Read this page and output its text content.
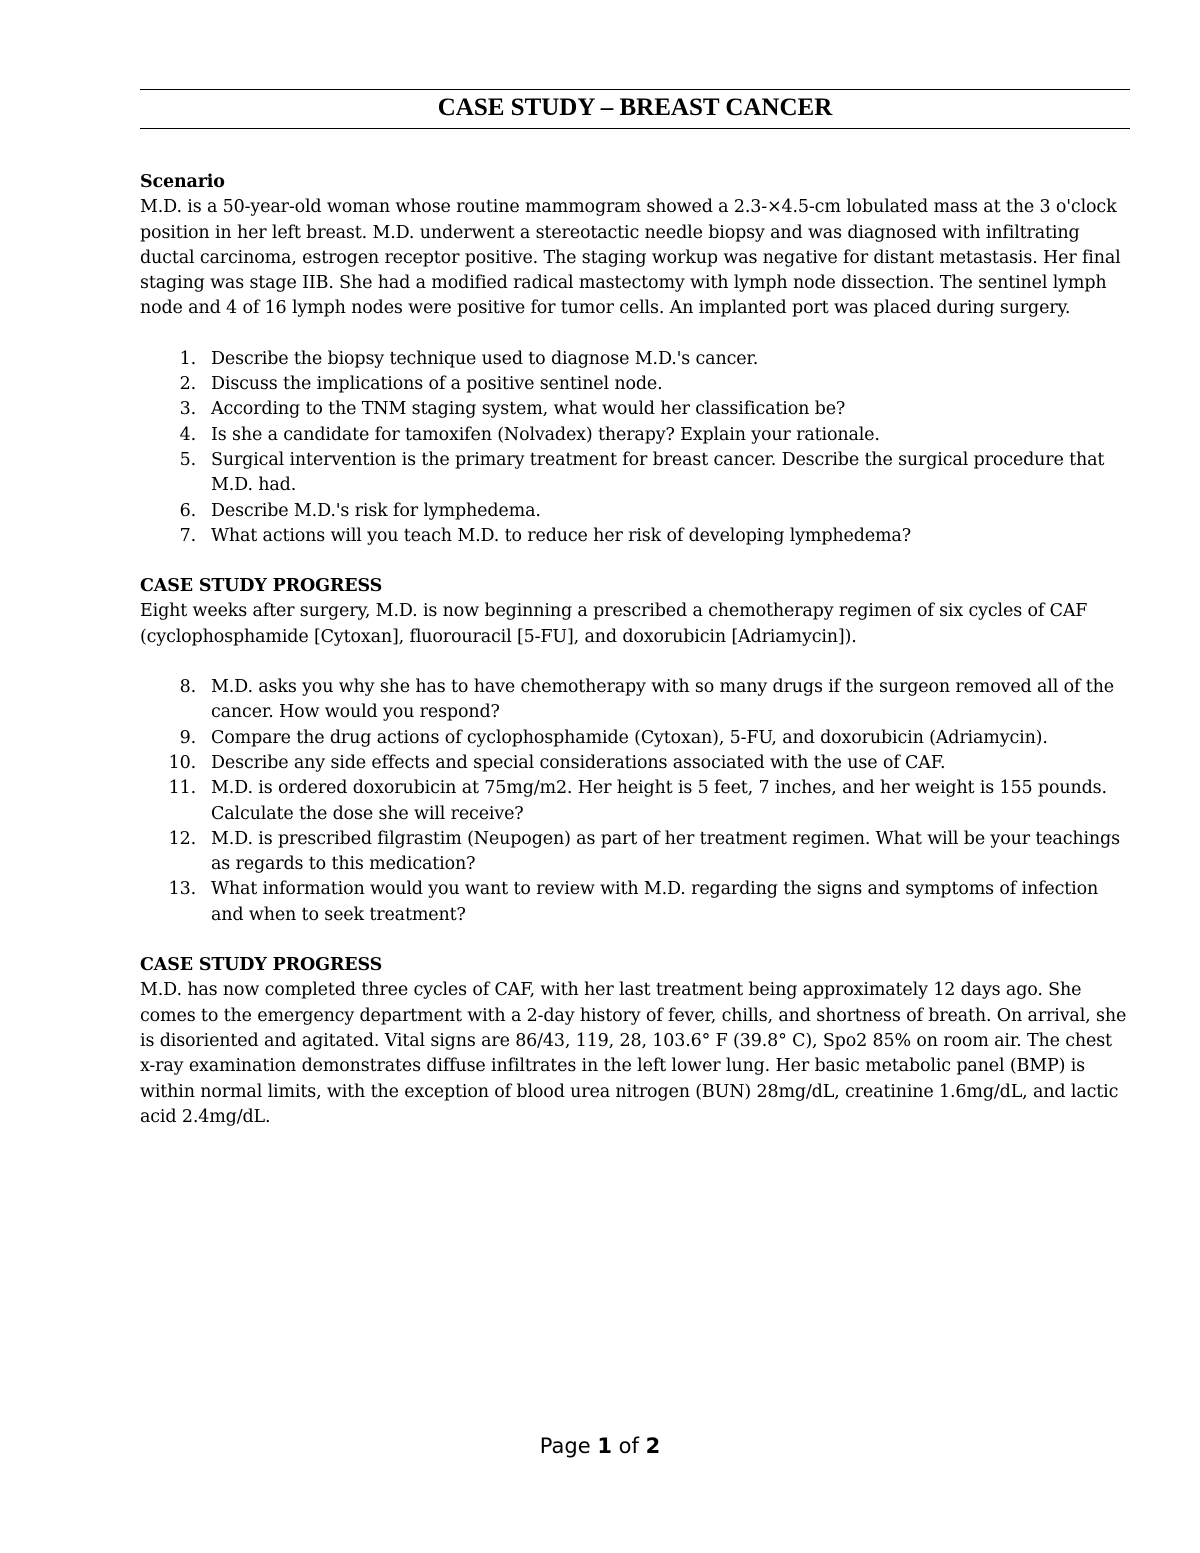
CASE STUDY – BREAST CANCER
Scenario

M.D. is a 50-year-old woman whose routine mammogram showed a 2.3-×4.5-cm lobulated mass at the 3 o'clock position in her left breast. M.D. underwent a stereotactic needle biopsy and was diagnosed with infiltrating ductal carcinoma, estrogen receptor positive. The staging workup was negative for distant metastasis. Her final staging was stage IIB. She had a modified radical mastectomy with lymph node dissection. The sentinel lymph node and 4 of 16 lymph nodes were positive for tumor cells. An implanted port was placed during surgery.

1. Describe the biopsy technique used to diagnose M.D.'s cancer.
2. Discuss the implications of a positive sentinel node.
3. According to the TNM staging system, what would her classification be?
4. Is she a candidate for tamoxifen (Nolvadex) therapy? Explain your rationale.
5. Surgical intervention is the primary treatment for breast cancer. Describe the surgical procedure that M.D. had.
6. Describe M.D.'s risk for lymphedema.
7. What actions will you teach M.D. to reduce her risk of developing lymphedema?
CASE STUDY PROGRESS

Eight weeks after surgery, M.D. is now beginning a prescribed a chemotherapy regimen of six cycles of CAF (cyclophosphamide [Cytoxan], fluorouracil [5-FU], and doxorubicin [Adriamycin]).

8. M.D. asks you why she has to have chemotherapy with so many drugs if the surgeon removed all of the cancer. How would you respond?
9. Compare the drug actions of cyclophosphamide (Cytoxan), 5-FU, and doxorubicin (Adriamycin).
10. Describe any side effects and special considerations associated with the use of CAF.
11. M.D. is ordered doxorubicin at 75mg/m2. Her height is 5 feet, 7 inches, and her weight is 155 pounds. Calculate the dose she will receive?
12. M.D. is prescribed filgrastim (Neupogen) as part of her treatment regimen. What will be your teachings as regards to this medication?
13. What information would you want to review with M.D. regarding the signs and symptoms of infection and when to seek treatment?
CASE STUDY PROGRESS

M.D. has now completed three cycles of CAF, with her last treatment being approximately 12 days ago. She comes to the emergency department with a 2-day history of fever, chills, and shortness of breath. On arrival, she is disoriented and agitated. Vital signs are 86/43, 119, 28, 103.6° F (39.8° C), Spo2 85% on room air. The chest x-ray examination demonstrates diffuse infiltrates in the left lower lung. Her basic metabolic panel (BMP) is within normal limits, with the exception of blood urea nitrogen (BUN) 28mg/dL, creatinine 1.6mg/dL, and lactic acid 2.4mg/dL.

Page 1 of 2
